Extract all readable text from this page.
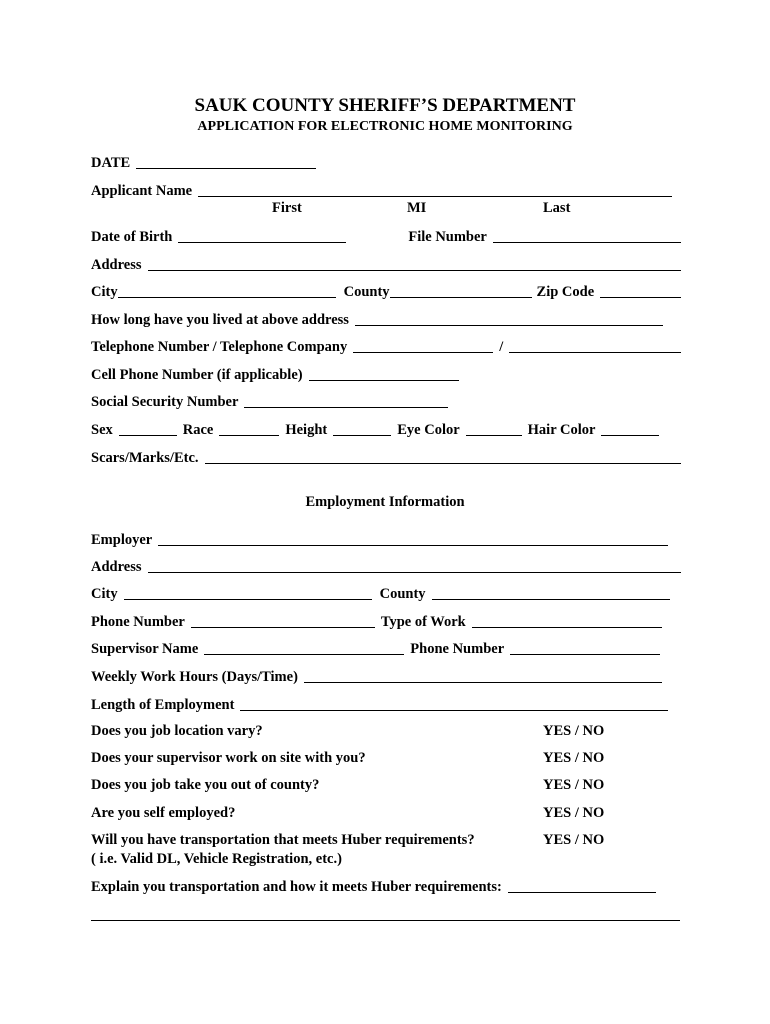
SAUK COUNTY SHERIFF’S DEPARTMENT
APPLICATION FOR ELECTRONIC HOME MONITORING
DATE
Applicant Name
First	MI	Last
Date of Birth	File Number
Address
City	County	Zip Code
How long have you lived at above address
Telephone Number / Telephone Company	/
Cell Phone Number (if applicable)
Social Security Number
Sex	Race	Height	Eye Color	Hair Color
Scars/Marks/Etc.
Employment Information
Employer
Address
City	County
Phone Number	Type of Work
Supervisor Name	Phone Number
Weekly Work Hours (Days/Time)
Length of Employment
Does you job location vary?	YES / NO
Does your supervisor work on site with you?	YES / NO
Does you job take you out of county?	YES / NO
Are you self employed?	YES / NO
Will you have transportation that meets Huber requirements?	YES / NO
( i.e. Valid DL, Vehicle Registration, etc.)
Explain you transportation and how it meets Huber requirements:
